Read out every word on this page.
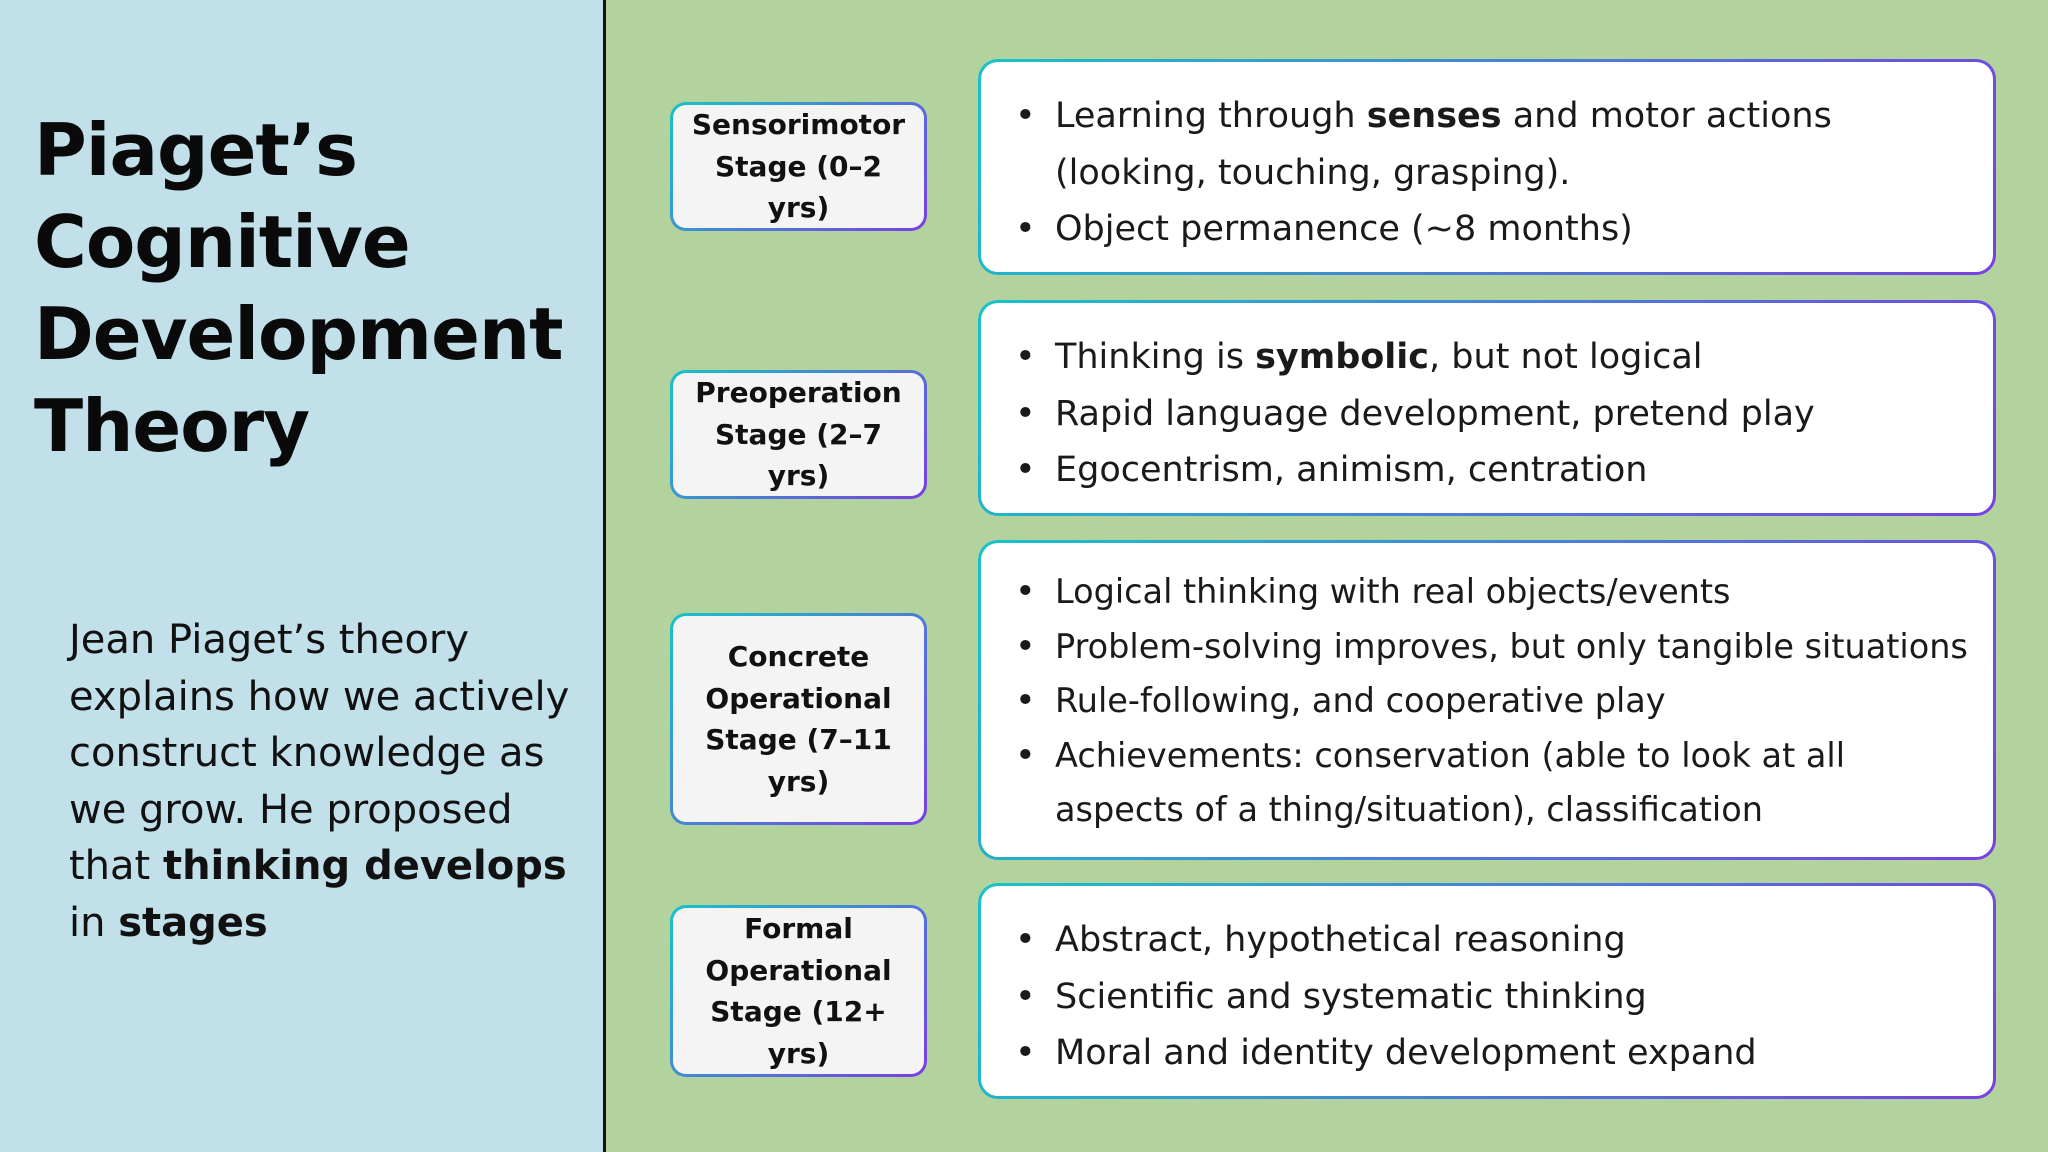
Piaget’s
Cognitive
Development
Theory

Jean Piaget’s theory explains how we actively construct knowledge as we grow. He proposed that thinking develops in stages

Sensorimotor Stage (0–2 yrs)
• Learning through senses and motor actions (looking, touching, grasping).
• Object permanence (~8 months)
Preoperation Stage (2–7 yrs)
• Thinking is symbolic, but not logical
• Rapid language development, pretend play
• Egocentrism, animism, centration
Concrete Operational Stage (7–11 yrs)
• Logical thinking with real objects/events
• Problem-solving improves, but only tangible situations
• Rule-following, and cooperative play
• Achievements: conservation (able to look at all aspects of a thing/situation), classification
Formal Operational Stage (12+ yrs)
• Abstract, hypothetical reasoning
• Scientific and systematic thinking
• Moral and identity development expand
